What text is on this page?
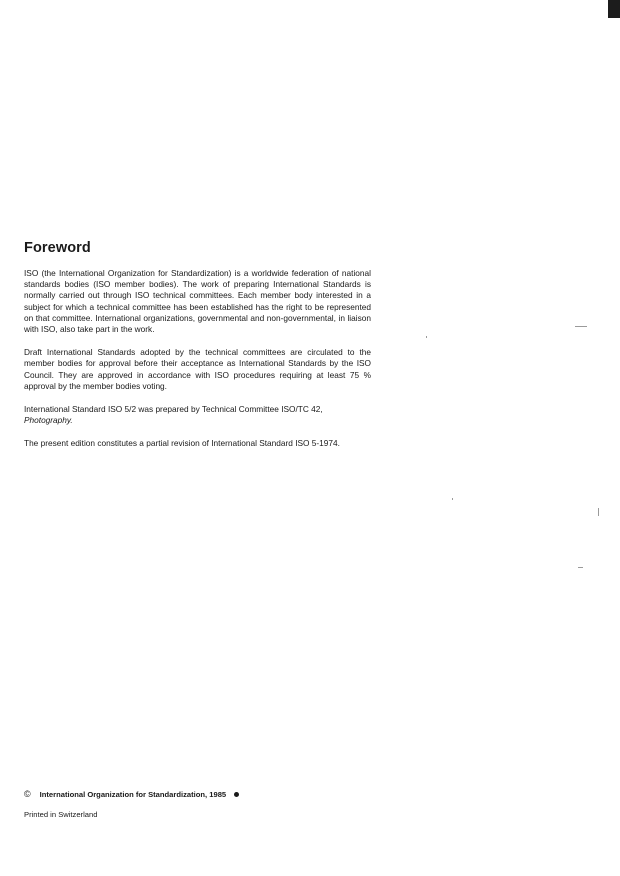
Foreword

ISO (the International Organization for Standardization) is a worldwide federation of national standards bodies (ISO member bodies). The work of preparing International Standards is normally carried out through ISO technical committees. Each member body interested in a subject for which a technical committee has been established has the right to be represented on that committee. International organizations, governmental and non-governmental, in liaison with ISO, also take part in the work.

Draft International Standards adopted by the technical committees are circulated to the member bodies for approval before their acceptance as International Standards by the ISO Council. They are approved in accordance with ISO procedures requiring at least 75 % approval by the member bodies voting.

International Standard ISO 5/2 was prepared by Technical Committee ISO/TC 42,
Photography.

The present edition constitutes a partial revision of International Standard ISO 5-1974.

© International Organization for Standardization, 1985
Printed in Switzerland
